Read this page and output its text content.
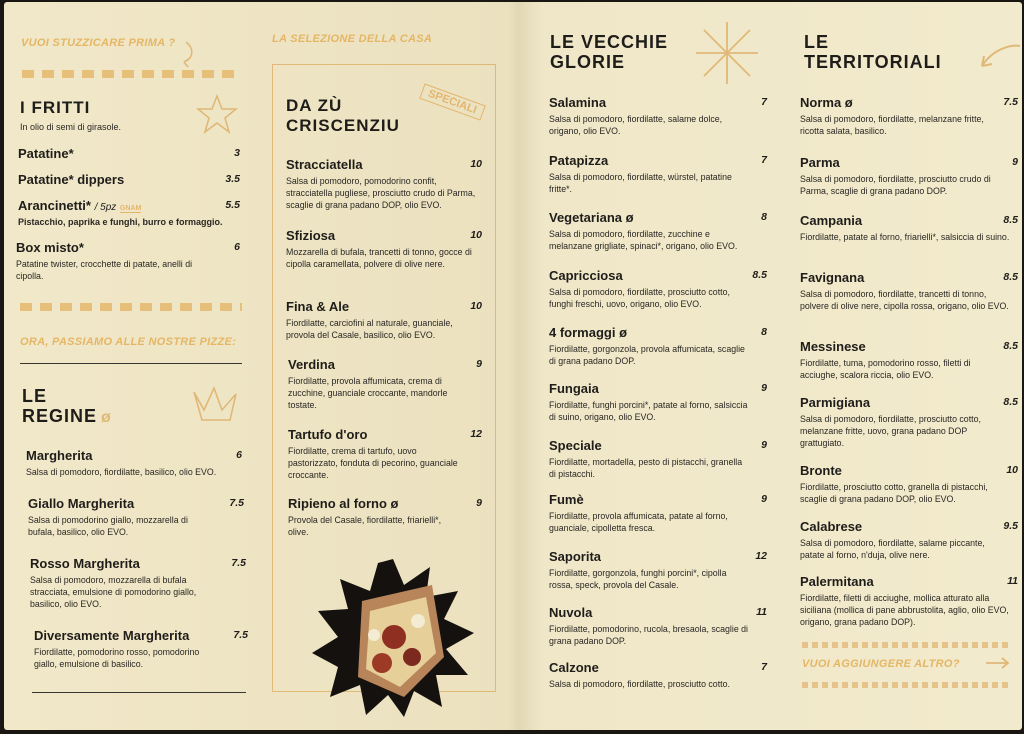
VUOI STUZZICARE PRIMA ?
I FRITTI
In olio di semi di girasole.
Patatine*	3
Patatine* dippers	3.5
Arancinetti* / 5pz GNAM	5.5
Pistacchio, paprika e funghi, burro e formaggio.
Box misto*	6
Patatine twister, crocchette di patate, anelli di cipolla.
ORA, PASSIAMO ALLE NOSTRE PIZZE:
LE
REGINE ø
Margherita	6
Salsa di pomodoro, fiordilatte, basilico, olio EVO.
Giallo Margherita	7.5
Salsa di pomodorino giallo, mozzarella di bufala, basilico, olio EVO.
Rosso Margherita	7.5
Salsa di pomodoro, mozzarella di bufala stracciata, emulsione di pomodorino giallo, basilico, olio EVO.
Diversamente Margherita	7.5
Fiordilatte, pomodorino rosso, pomodorino giallo, emulsione di basilico.
LA SELEZIONE DELLA CASA
DA ZÙ
CRISCENZIU
SPECIALI
Stracciatella	10
Salsa di pomodoro, pomodorino confit, stracciatella pugliese, prosciutto crudo di Parma, scaglie di grana padano DOP, olio EVO.
Sfiziosa	10
Mozzarella di bufala, trancetti di tonno, gocce di cipolla caramellata, polvere di olive nere.
Fina & Ale	10
Fiordilatte, carciofini al naturale, guanciale, provola del Casale, basilico, olio EVO.
Verdina	9
Fiordilatte, provola affumicata, crema di zucchine, guanciale croccante, mandorle tostate.
Tartufo d'oro	12
Fiordilatte, crema di tartufo, uovo pastorizzato, fonduta di pecorino, guanciale croccante.
Ripieno al forno ø	9
Provola del Casale, fiordilatte, friarielli*, olive.
LE VECCHIE
GLORIE
Salamina	7
Salsa di pomodoro, fiordilatte, salame dolce, origano, olio EVO.
Patapizza	7
Salsa di pomodoro, fiordilatte, würstel, patatine fritte*.
Vegetariana ø	8
Salsa di pomodoro, fiordilatte, zucchine e melanzane grigliate, spinaci*, origano, olio EVO.
Capricciosa	8.5
Salsa di pomodoro, fiordilatte, prosciutto cotto, funghi freschi, uovo, origano, olio EVO.
4 formaggi ø	8
Fiordilatte, gorgonzola, provola affumicata, scaglie di grana padano DOP.
Fungaia	9
Fiordilatte, funghi porcini*, patate al forno, salsiccia di suino, origano, olio EVO.
Speciale	9
Fiordilatte, mortadella, pesto di pistacchi, granella di pistacchi.
Fumè	9
Fiordilatte, provola affumicata, patate al forno, guanciale, cipolletta fresca.
Saporita	12
Fiordilatte, gorgonzola, funghi porcini*, cipolla rossa, speck, provola del Casale.
Nuvola	11
Fiordilatte, pomodorino, rucola, bresaola, scaglie di grana padano DOP.
Calzone	7
Salsa di pomodoro, fiordilatte, prosciutto cotto.
LE
TERRITORIALI
Norma ø	7.5
Salsa di pomodoro, fiordilatte, melanzane fritte, ricotta salata, basilico.
Parma	9
Salsa di pomodoro, fiordilatte, prosciutto crudo di Parma, scaglie di grana padano DOP.
Campania	8.5
Fiordilatte, patate al forno, friarielli*, salsiccia di suino.
Favignana	8.5
Salsa di pomodoro, fiordilatte, trancetti di tonno, polvere di olive nere, cipolla rossa, origano, olio EVO.
Messinese	8.5
Fiordilatte, tuma, pomodorino rosso, filetti di acciughe, scalora riccia, olio EVO.
Parmigiana	8.5
Salsa di pomodoro, fiordilatte, prosciutto cotto, melanzane fritte, uovo, grana padano DOP grattugiato.
Bronte	10
Fiordilatte, prosciutto cotto, granella di pistacchi, scaglie di grana padano DOP, olio EVO.
Calabrese	9.5
Salsa di pomodoro, fiordilatte, salame piccante, patate al forno, n'duja, olive nere.
Palermitana	11
Fiordilatte, filetti di acciughe, mollica atturato alla siciliana (mollica di pane abbrustolita, aglio, olio EVO, origano, grana padano DOP).
VUOI AGGIUNGERE ALTRO?
